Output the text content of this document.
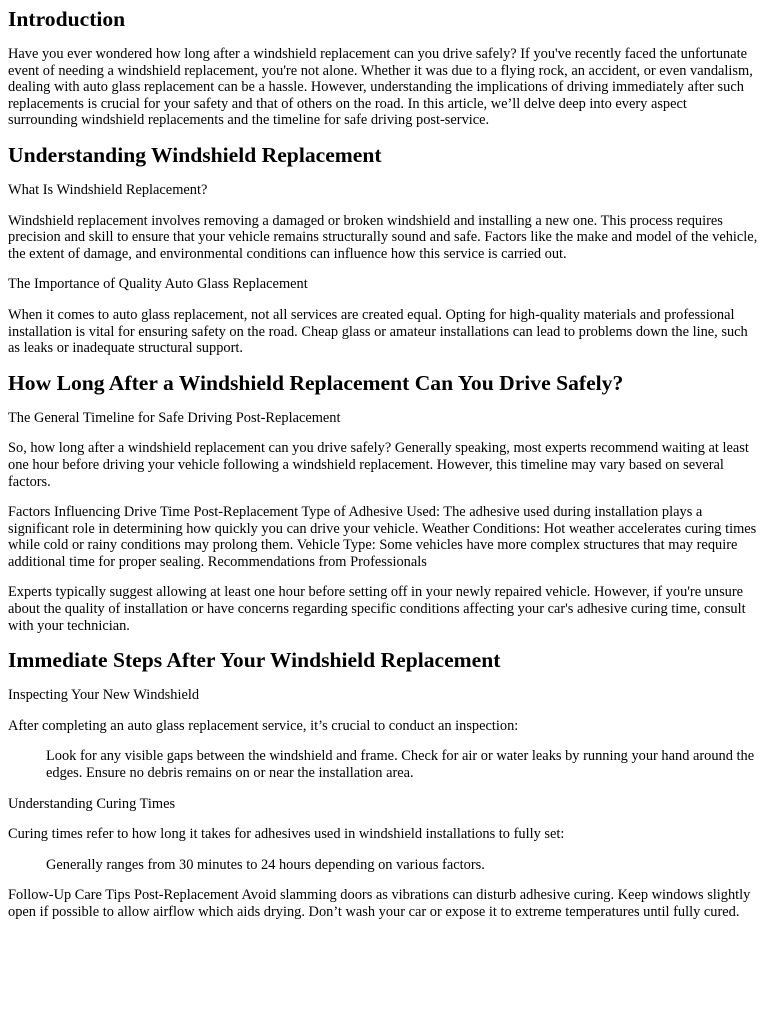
Introduction

Have you ever wondered how long after a windshield replacement can you drive safely? If you've recently faced the unfortunate event of needing a windshield replacement, you're not alone. Whether it was due to a flying rock, an accident, or even vandalism, dealing with auto glass replacement can be a hassle. However, understanding the implications of driving immediately after such replacements is crucial for your safety and that of others on the road. In this article, we’ll delve deep into every aspect surrounding windshield replacements and the timeline for safe driving post-service.

Understanding Windshield Replacement

What Is Windshield Replacement?

Windshield replacement involves removing a damaged or broken windshield and installing a new one. This process requires precision and skill to ensure that your vehicle remains structurally sound and safe. Factors like the make and model of the vehicle, the extent of damage, and environmental conditions can influence how this service is carried out.

The Importance of Quality Auto Glass Replacement

When it comes to auto glass replacement, not all services are created equal. Opting for high-quality materials and professional installation is vital for ensuring safety on the road. Cheap glass or amateur installations can lead to problems down the line, such as leaks or inadequate structural support.

How Long After a Windshield Replacement Can You Drive Safely?

The General Timeline for Safe Driving Post-Replacement

So, how long after a windshield replacement can you drive safely? Generally speaking, most experts recommend waiting at least one hour before driving your vehicle following a windshield replacement. However, this timeline may vary based on several factors.

Factors Influencing Drive Time Post-Replacement Type of Adhesive Used: The adhesive used during installation plays a significant role in determining how quickly you can drive your vehicle. Weather Conditions: Hot weather accelerates curing times while cold or rainy conditions may prolong them. Vehicle Type: Some vehicles have more complex structures that may require additional time for proper sealing. Recommendations from Professionals

Experts typically suggest allowing at least one hour before setting off in your newly repaired vehicle. However, if you're unsure about the quality of installation or have concerns regarding specific conditions affecting your car's adhesive curing time, consult with your technician.

Immediate Steps After Your Windshield Replacement

Inspecting Your New Windshield

After completing an auto glass replacement service, it’s crucial to conduct an inspection:

Look for any visible gaps between the windshield and frame. Check for air or water leaks by running your hand around the edges. Ensure no debris remains on or near the installation area.

Understanding Curing Times

Curing times refer to how long it takes for adhesives used in windshield installations to fully set:

Generally ranges from 30 minutes to 24 hours depending on various factors.

Follow-Up Care Tips Post-Replacement Avoid slamming doors as vibrations can disturb adhesive curing. Keep windows slightly open if possible to allow airflow which aids drying. Don’t wash your car or expose it to extreme temperatures until fully cured.
